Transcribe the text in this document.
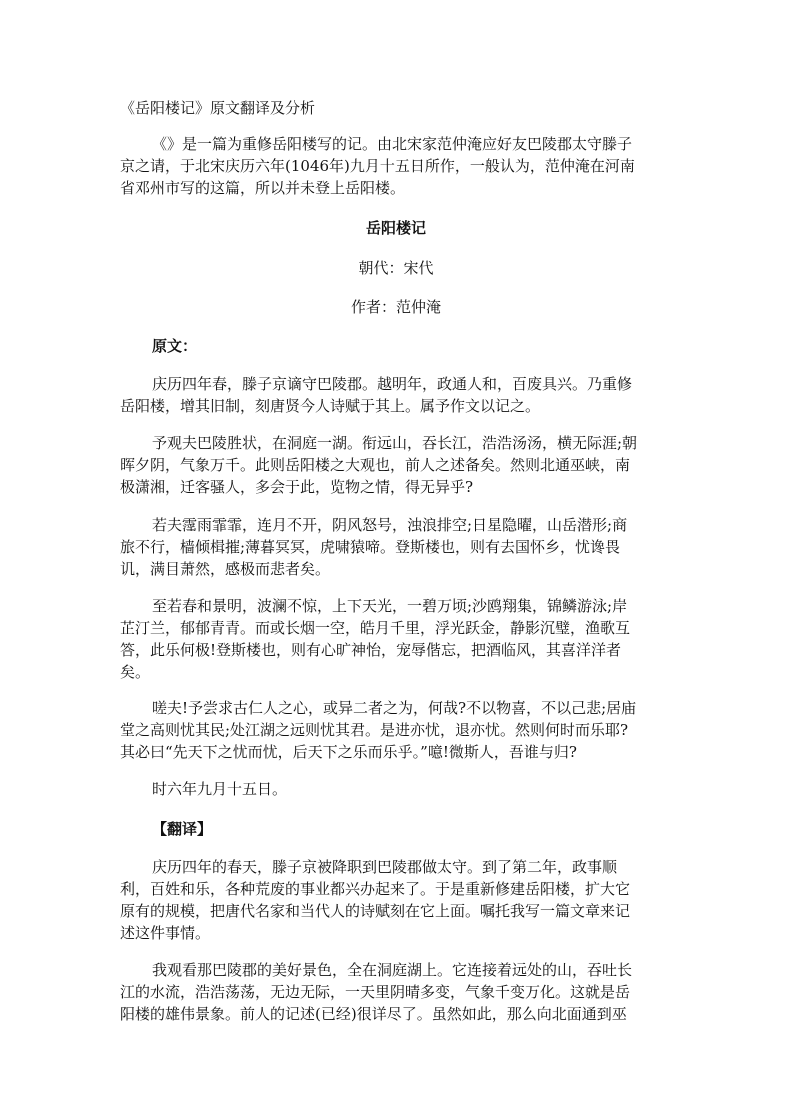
《岳阳楼记》原文翻译及分析
《》是一篇为重修岳阳楼写的记。由北宋家范仲淹应好友巴陵郡太守滕子
京之请，于北宋庆历六年(1046年)九月十五日所作，一般认为，范仲淹在河南
省邓州市写的这篇，所以并未登上岳阳楼。
岳阳楼记
朝代：宋代
作者：范仲淹
原文：
庆历四年春，滕子京谪守巴陵郡。越明年，政通人和，百废具兴。乃重修
岳阳楼，增其旧制，刻唐贤今人诗赋于其上。属予作文以记之。
予观夫巴陵胜状，在洞庭一湖。衔远山，吞长江，浩浩汤汤，横无际涯;朝
晖夕阴，气象万千。此则岳阳楼之大观也，前人之述备矣。然则北通巫峡，南
极潇湘，迁客骚人，多会于此，览物之情，得无异乎?
若夫霪雨霏霏，连月不开，阴风怒号，浊浪排空;日星隐曜，山岳潜形;商
旅不行，樯倾楫摧;薄暮冥冥，虎啸猿啼。登斯楼也，则有去国怀乡，忧谗畏
讥，满目萧然，感极而悲者矣。
至若春和景明，波澜不惊，上下天光，一碧万顷;沙鸥翔集，锦鳞游泳;岸
芷汀兰，郁郁青青。而或长烟一空，皓月千里，浮光跃金，静影沉璧，渔歌互
答，此乐何极!登斯楼也，则有心旷神怡，宠辱偕忘，把酒临风，其喜洋洋者
矣。
嗟夫!予尝求古仁人之心，或异二者之为，何哉?不以物喜，不以己悲;居庙
堂之高则忧其民;处江湖之远则忧其君。是进亦忧，退亦忧。然则何时而乐耶?
其必曰“先天下之忧而忧，后天下之乐而乐乎。”噫!微斯人，吾谁与归?
时六年九月十五日。
【翻译】
庆历四年的春天，滕子京被降职到巴陵郡做太守。到了第二年，政事顺
利，百姓和乐，各种荒废的事业都兴办起来了。于是重新修建岳阳楼，扩大它
原有的规模，把唐代名家和当代人的诗赋刻在它上面。嘱托我写一篇文章来记
述这件事情。
我观看那巴陵郡的美好景色，全在洞庭湖上。它连接着远处的山，吞吐长
江的水流，浩浩荡荡，无边无际，一天里阴晴多变，气象千变万化。这就是岳
阳楼的雄伟景象。前人的记述(已经)很详尽了。虽然如此，那么向北面通到巫
